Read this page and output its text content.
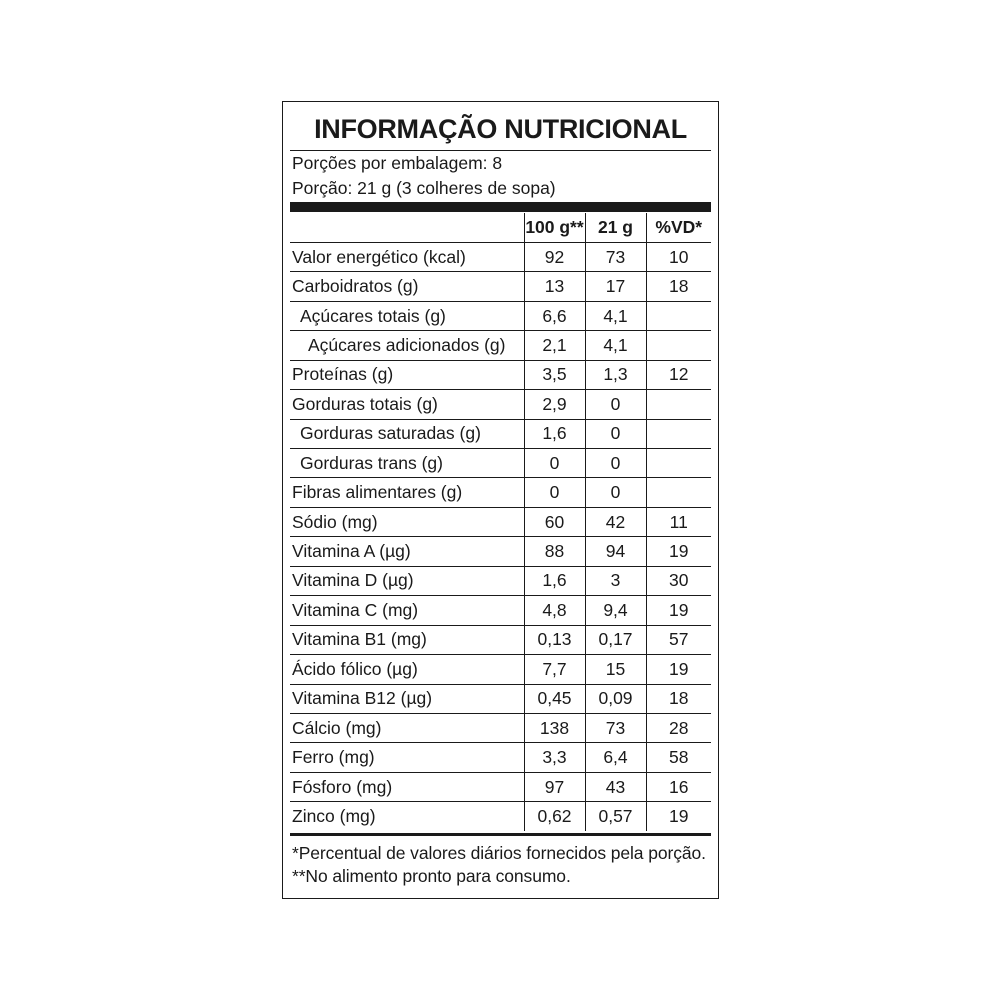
INFORMAÇÃO NUTRICIONAL
Porções por embalagem: 8
Porção: 21 g (3 colheres de sopa)
	100 g**	21 g	%VD*
Valor energético (kcal)	92	73	10
Carboidratos (g)	13	17	18
Açúcares totais (g)	6,6	4,1	
Açúcares adicionados (g)	2,1	4,1	
Proteínas (g)	3,5	1,3	12
Gorduras totais (g)	2,9	0	
Gorduras saturadas (g)	1,6	0	
Gorduras trans (g)	0	0	
Fibras alimentares (g)	0	0	
Sódio (mg)	60	42	11
Vitamina A (µg)	88	94	19
Vitamina D (µg)	1,6	3	30
Vitamina C (mg)	4,8	9,4	19
Vitamina B1 (mg)	0,13	0,17	57
Ácido fólico (µg)	7,7	15	19
Vitamina B12 (µg)	0,45	0,09	18
Cálcio (mg)	138	73	28
Ferro (mg)	3,3	6,4	58
Fósforo (mg)	97	43	16
Zinco (mg)	0,62	0,57	19
*Percentual de valores diários fornecidos pela porção.
**No alimento pronto para consumo.
